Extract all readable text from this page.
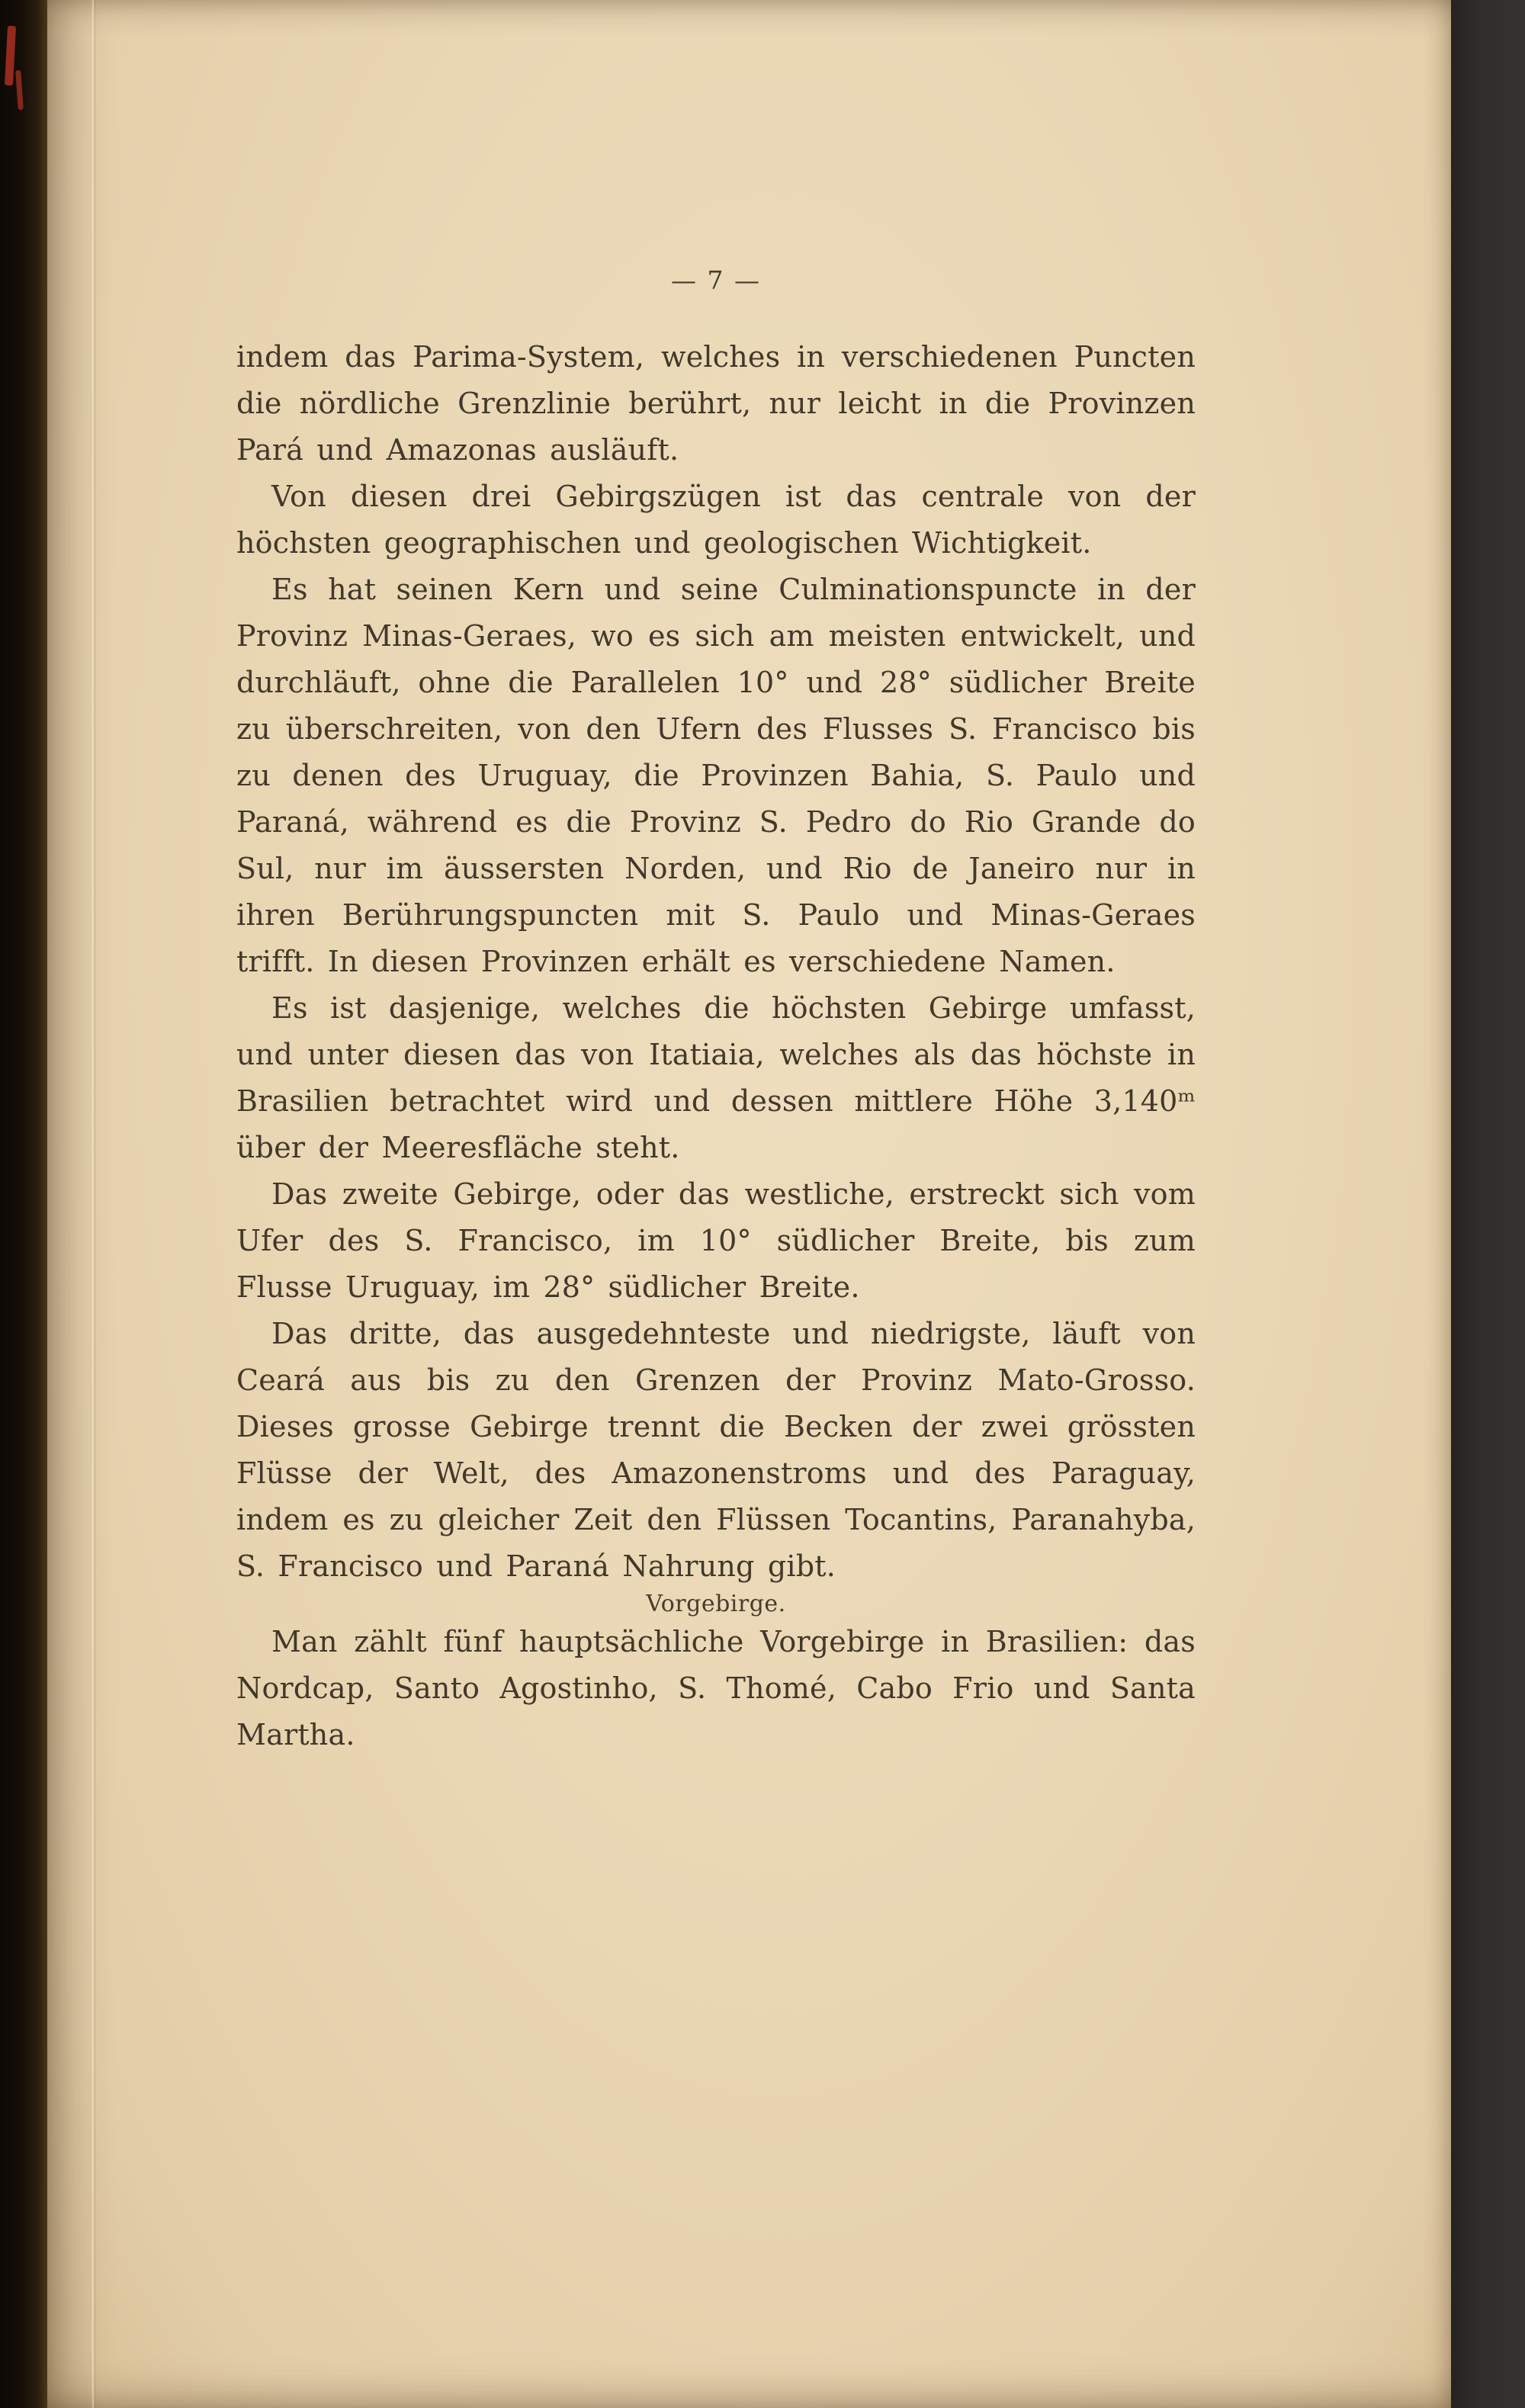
— 7 —

indem das Parima-System, welches in verschiedenen Puncten die nördliche Grenzlinie berührt, nur leicht in die Provinzen Pará und Amazonas ausläuft.

Von diesen drei Gebirgszügen ist das centrale von der höchsten geographischen und geologischen Wichtigkeit.

Es hat seinen Kern und seine Culminationspuncte in der Provinz Minas-Geraes, wo es sich am meisten entwickelt, und durchläuft, ohne die Parallelen 10° und 28° südlicher Breite zu überschreiten, von den Ufern des Flusses S. Francisco bis zu denen des Uruguay, die Provinzen Bahia, S. Paulo und Paraná, während es die Provinz S. Pedro do Rio Grande do Sul, nur im äussersten Norden, und Rio de Janeiro nur in ihren Berührungspuncten mit S. Paulo und Minas-Geraes trifft. In diesen Provinzen erhält es verschiedene Namen.

Es ist dasjenige, welches die höchsten Gebirge umfasst, und unter diesen das von Itatiaia, welches als das höchste in Brasilien betrachtet wird und dessen mittlere Höhe 3,140ᵐ über der Meeresfläche steht.

Das zweite Gebirge, oder das westliche, erstreckt sich vom Ufer des S. Francisco, im 10° südlicher Breite, bis zum Flusse Uruguay, im 28° südlicher Breite.

Das dritte, das ausgedehnteste und niedrigste, läuft von Ceará aus bis zu den Grenzen der Provinz Mato-Grosso. Dieses grosse Gebirge trennt die Becken der zwei grössten Flüsse der Welt, des Amazonenstroms und des Paraguay, indem es zu gleicher Zeit den Flüssen Tocantins, Paranahyba, S. Francisco und Paraná Nahrung gibt.

Vorgebirge.

Man zählt fünf hauptsächliche Vorgebirge in Brasilien: das Nordcap, Santo Agostinho, S. Thomé, Cabo Frio und Santa Martha.
